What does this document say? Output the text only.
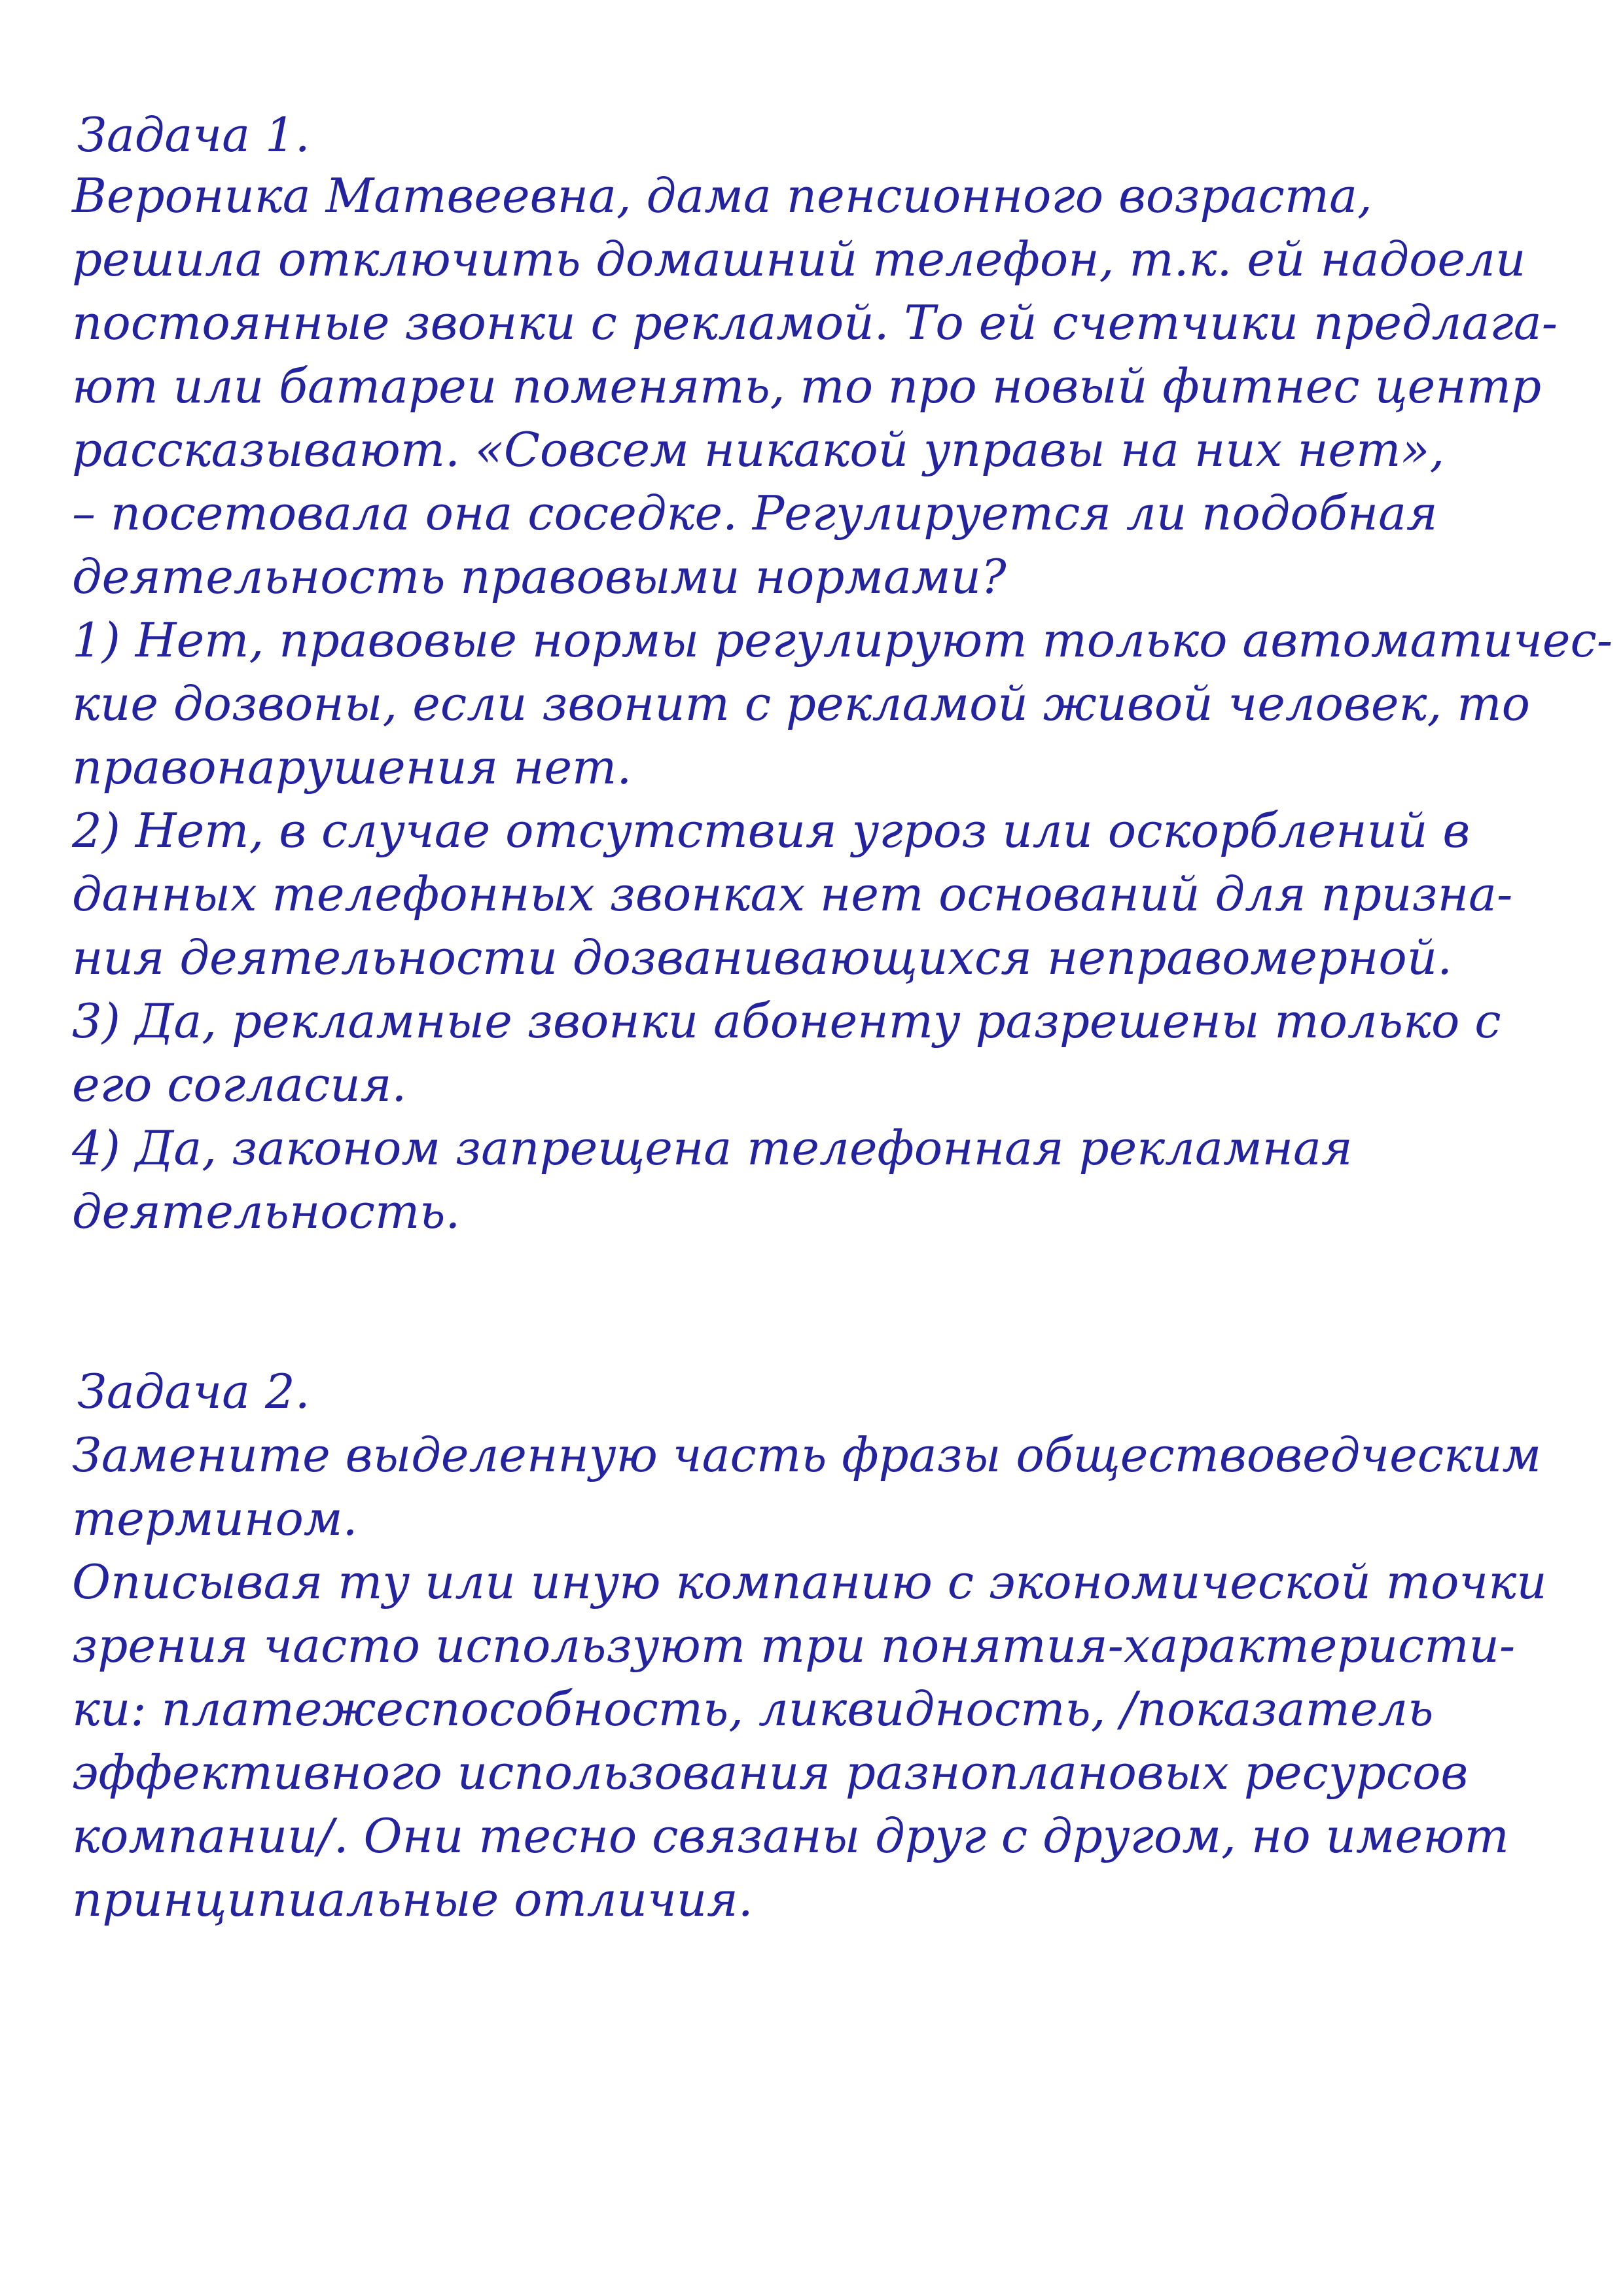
Задача 1.

Вероника Матвеевна, дама пенсионного возраста,

решила отключить домашний телефон, т.к. ей надоели

постоянные звонки с рекламой. То ей счетчики предлага-

ют или батареи поменять, то про новый фитнес центр

рассказывают. «Совсем никакой управы на них нет»,

– посетовала она соседке. Регулируется ли подобная

деятельность правовыми нормами?

1) Нет, правовые нормы регулируют только автоматичес-

кие дозвоны, если звонит с рекламой живой человек, то

правонарушения нет.

2) Нет, в случае отсутствия угроз или оскорблений в

данных телефонных звонках нет оснований для призна-

ния деятельности дозванивающихся неправомерной.

3) Да, рекламные звонки абоненту разрешены только с

его согласия.

4) Да, законом запрещена телефонная рекламная

деятельность.

Задача 2.

Замените выделенную часть фразы обществоведческим

термином.

Описывая ту или иную компанию с экономической точки

зрения часто используют три понятия-характеристи-

ки: платежеспособность, ликвидность, /показатель

эффективного использования разноплановых ресурсов

компании/. Они тесно связаны друг с другом, но имеют

принципиальные отличия.
